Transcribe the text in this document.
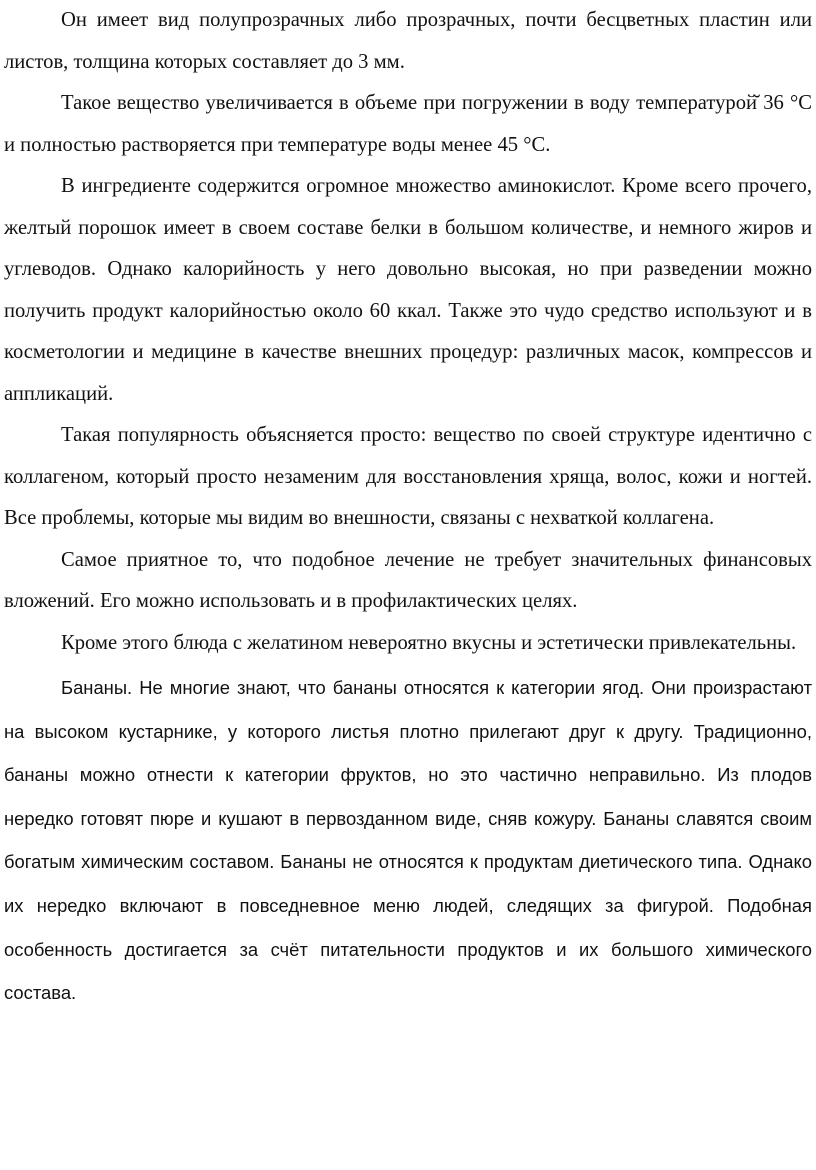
Он имеет вид полупрозрачных либо прозрачных, почти бесцветных пластин или листов, толщина которых составляет до 3 мм.

Такое вещество увеличивается в объеме при погружении в воду температурой̆ 36 °С и полностью растворяется при температуре воды менее 45 °С.

В ингредиенте содержится огромное множество аминокислот. Кроме всего прочего, желтый порошок имеет в своем составе белки в большом количестве, и немного жиров и углеводов. Однако калорийность у него довольно высокая, но при разведении можно получить продукт калорийностью около 60 ккал. Также это чудо средство используют и в косметологии и медицине в качестве внешних процедур: различных масок, компрессов и аппликаций.

Такая популярность объясняется просто: вещество по своей структуре идентично с коллагеном, который просто незаменим для восстановления хряща, волос, кожи и ногтей. Все проблемы, которые мы видим во внешности, связаны с нехваткой коллагена.

Самое приятное то, что подобное лечение не требует значительных финансовых вложений. Его можно использовать и в профилактических целях.

Кроме этого блюда с желатином невероятно вкусны и эстетически привлекательны.

Бананы. Не многие знают, что бананы относятся к категории ягод. Они произрастают на высоком кустарнике, у которого листья плотно прилегают друг к другу. Традиционно, бананы можно отнести к категории фруктов, но это частично неправильно. Из плодов нередко готовят пюре и кушают в первозданном виде, сняв кожуру. Бананы славятся своим богатым химическим составом. Бананы не относятся к продуктам диетического типа. Однако их нередко включают в повседневное меню людей, следящих за фигурой. Подобная особенность достигается за счёт питательности продуктов и их большого химического состава.
